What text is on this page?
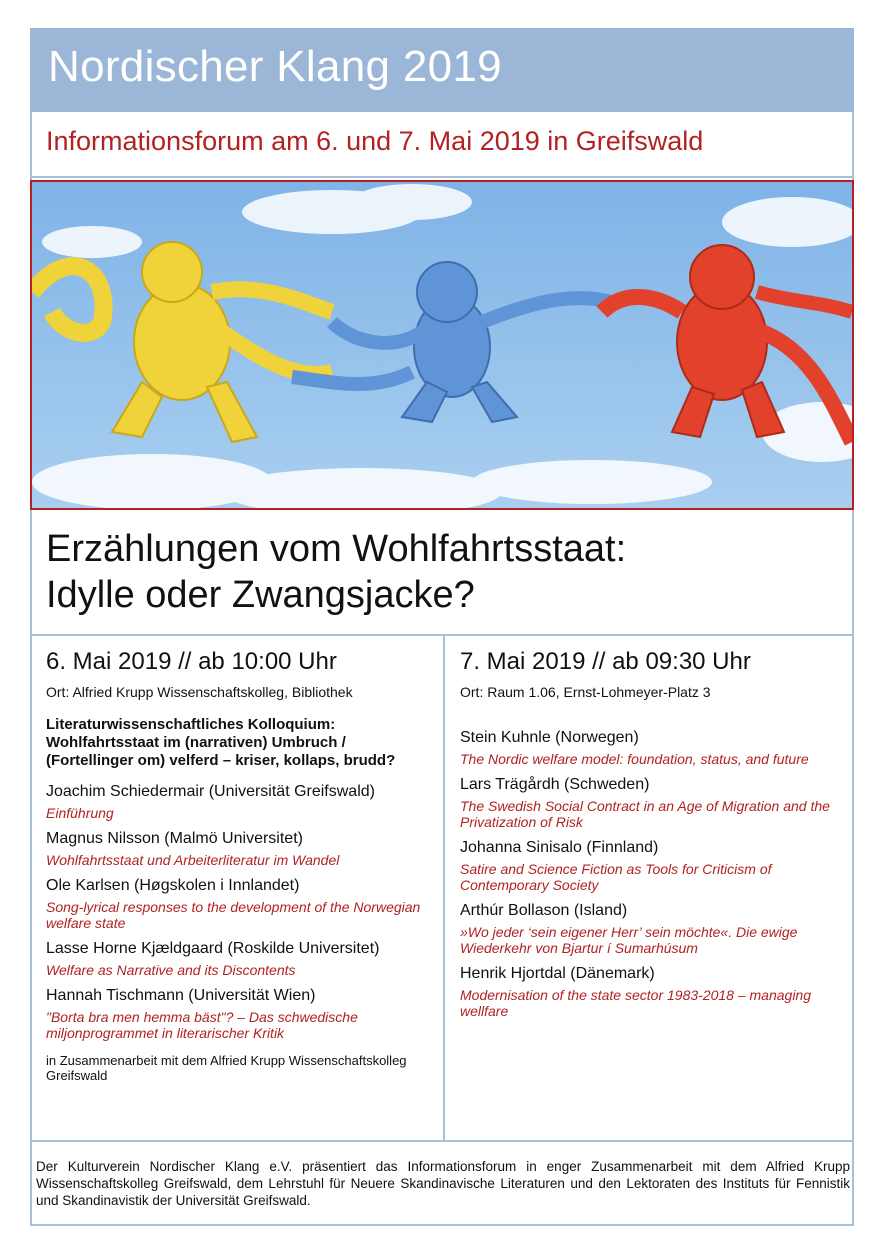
Nordischer Klang 2019
Informationsforum am 6. und 7. Mai 2019 in Greifswald
Erzählungen vom Wohlfahrtsstaat:
Idylle oder Zwangsjacke?
6. Mai 2019 // ab 10:00 Uhr
Ort: Alfried Krupp Wissenschaftskolleg, Bibliothek
Literaturwissenschaftliches Kolloquium: Wohlfahrtsstaat im (narrativen) Umbruch / (Fortellinger om) velferd – kriser, kollaps, brudd?
Joachim Schiedermair (Universität Greifswald)
Einführung
Magnus Nilsson (Malmö Universitet)
Wohlfahrtsstaat und Arbeiterliteratur im Wandel
Ole Karlsen (Høgskolen i Innlandet)
Song-lyrical responses to the development of the Norwegian welfare state
Lasse Horne Kjældgaard (Roskilde Universitet)
Welfare as Narrative and its Discontents
Hannah Tischmann (Universität Wien)
"Borta bra men hemma bäst"? – Das schwedische miljonprogrammet in literarischer Kritik
in Zusammenarbeit mit dem Alfried Krupp Wissenschaftskolleg Greifswald
7. Mai 2019 // ab 09:30 Uhr
Ort: Raum 1.06, Ernst-Lohmeyer-Platz 3
Stein Kuhnle (Norwegen)
The Nordic welfare model: foundation, status, and future
Lars Trägårdh (Schweden)
The Swedish Social Contract in an Age of Migration and the Privatization of Risk
Johanna Sinisalo (Finnland)
Satire and Science Fiction as Tools for Criticism of Contemporary Society
Arthúr Bollason (Island)
»Wo jeder ‘sein eigener Herr’ sein möchte«. Die ewige Wiederkehr von Bjartur í Sumarhúsum
Henrik Hjortdal (Dänemark)
Modernisation of the state sector 1983-2018 – managing wellfare
Der Kulturverein Nordischer Klang e.V. präsentiert das Informationsforum in enger Zusammenarbeit mit dem Alfried Krupp Wissenschaftskolleg Greifswald, dem Lehrstuhl für Neuere Skandinavische Literaturen und den Lektoraten des Instituts für Fennistik und Skandinavistik der Universität Greifswald.
